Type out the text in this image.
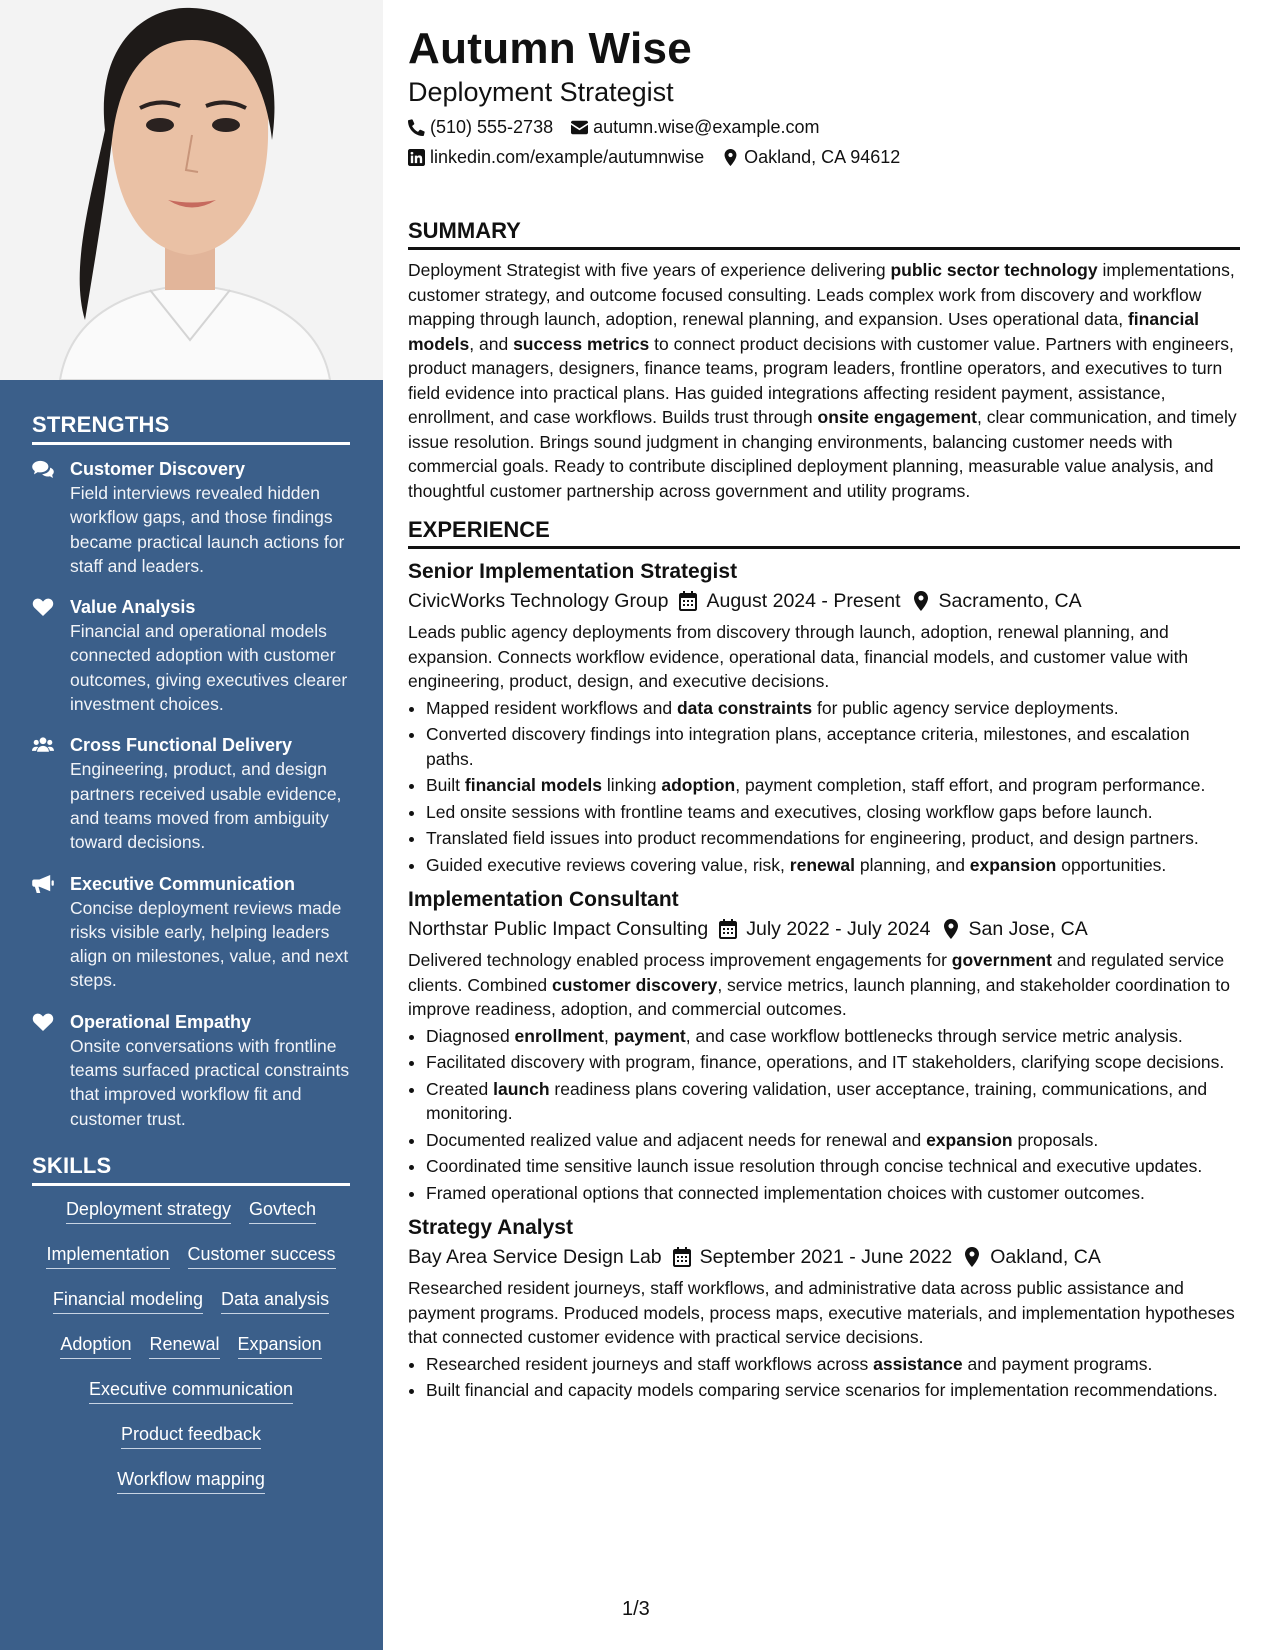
STRENGTHS
Customer Discovery
Field interviews revealed hidden workflow gaps, and those findings became practical launch actions for staff and leaders.
Value Analysis
Financial and operational models connected adoption with customer outcomes, giving executives clearer investment choices.
Cross Functional Delivery
Engineering, product, and design partners received usable evidence, and teams moved from ambiguity toward decisions.
Executive Communication
Concise deployment reviews made risks visible early, helping leaders align on milestones, value, and next steps.
Operational Empathy
Onsite conversations with frontline teams surfaced practical constraints that improved workflow fit and customer trust.
SKILLS
Deployment strategy Govtech
Implementation Customer success
Financial modeling Data analysis
Adoption Renewal Expansion
Executive communication
Product feedback
Workflow mapping
Autumn Wise
Deployment Strategist
(510) 555-2738 autumn.wise@example.com
linkedin.com/example/autumnwise Oakland, CA 94612
SUMMARY
Deployment Strategist with five years of experience delivering public sector technology implementations, customer strategy, and outcome focused consulting. Leads complex work from discovery and workflow mapping through launch, adoption, renewal planning, and expansion. Uses operational data, financial models, and success metrics to connect product decisions with customer value. Partners with engineers, product managers, designers, finance teams, program leaders, frontline operators, and executives to turn field evidence into practical plans. Has guided integrations affecting resident payment, assistance, enrollment, and case workflows. Builds trust through onsite engagement, clear communication, and timely issue resolution. Brings sound judgment in changing environments, balancing customer needs with commercial goals. Ready to contribute disciplined deployment planning, measurable value analysis, and thoughtful customer partnership across government and utility programs.
EXPERIENCE
Senior Implementation Strategist
CivicWorks Technology Group August 2024 - Present Sacramento, CA
Leads public agency deployments from discovery through launch, adoption, renewal planning, and expansion. Connects workflow evidence, operational data, financial models, and customer value with engineering, product, design, and executive decisions.
• Mapped resident workflows and data constraints for public agency service deployments.
• Converted discovery findings into integration plans, acceptance criteria, milestones, and escalation paths.
• Built financial models linking adoption, payment completion, staff effort, and program performance.
• Led onsite sessions with frontline teams and executives, closing workflow gaps before launch.
• Translated field issues into product recommendations for engineering, product, and design partners.
• Guided executive reviews covering value, risk, renewal planning, and expansion opportunities.
Implementation Consultant
Northstar Public Impact Consulting July 2022 - July 2024 San Jose, CA
Delivered technology enabled process improvement engagements for government and regulated service clients. Combined customer discovery, service metrics, launch planning, and stakeholder coordination to improve readiness, adoption, and commercial outcomes.
• Diagnosed enrollment, payment, and case workflow bottlenecks through service metric analysis.
• Facilitated discovery with program, finance, operations, and IT stakeholders, clarifying scope decisions.
• Created launch readiness plans covering validation, user acceptance, training, communications, and monitoring.
• Documented realized value and adjacent needs for renewal and expansion proposals.
• Coordinated time sensitive launch issue resolution through concise technical and executive updates.
• Framed operational options that connected implementation choices with customer outcomes.
Strategy Analyst
Bay Area Service Design Lab September 2021 - June 2022 Oakland, CA
Researched resident journeys, staff workflows, and administrative data across public assistance and payment programs. Produced models, process maps, executive materials, and implementation hypotheses that connected customer evidence with practical service decisions.
• Researched resident journeys and staff workflows across assistance and payment programs.
• Built financial and capacity models comparing service scenarios for implementation recommendations.
1/3
